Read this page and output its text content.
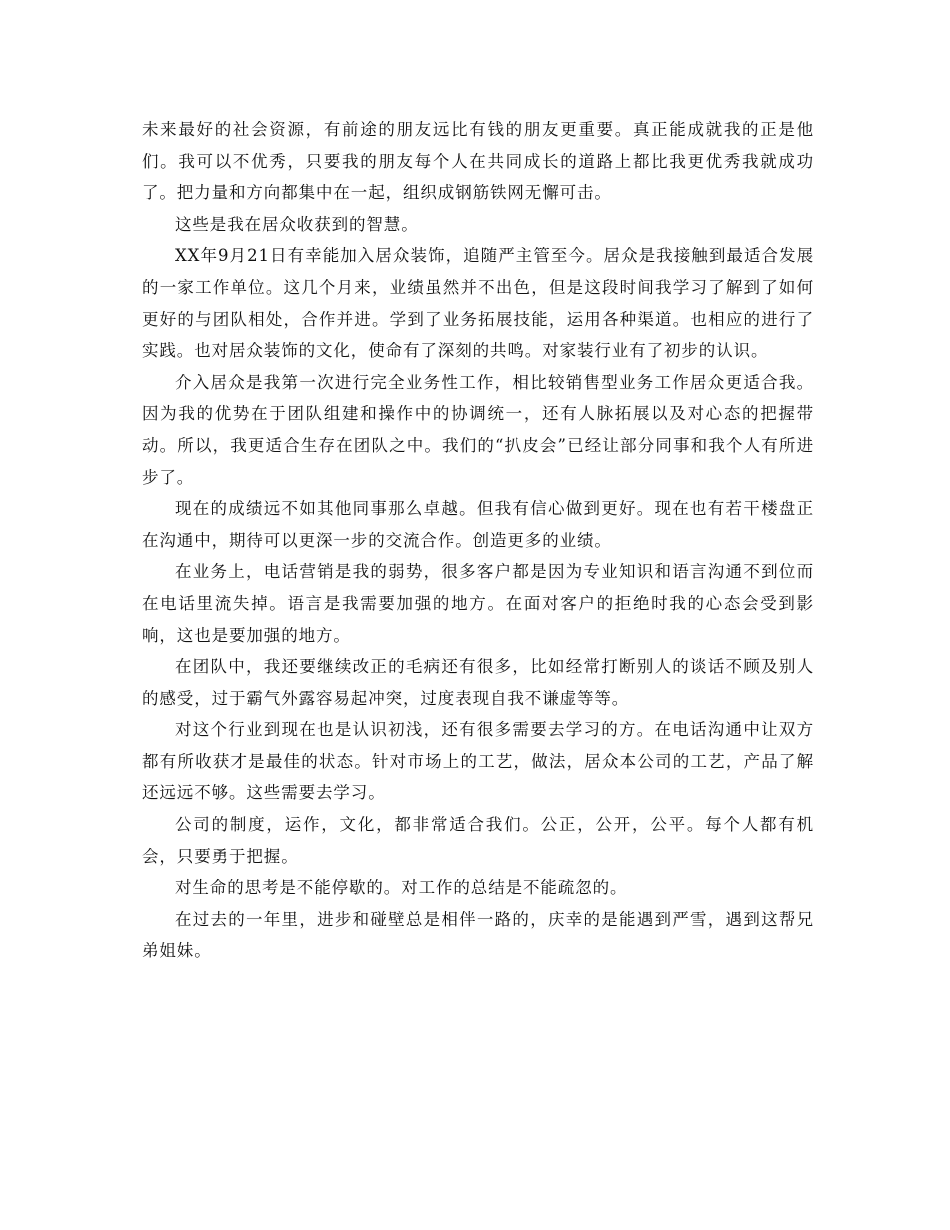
未来最好的社会资源，有前途的朋友远比有钱的朋友更重要。真正能成就我的正是他们。我可以不优秀，只要我的朋友每个人在共同成长的道路上都比我更优秀我就成功了。把力量和方向都集中在一起，组织成钢筋铁网无懈可击。

这些是我在居众收获到的智慧。

XX年9月21日有幸能加入居众装饰，追随严主管至今。居众是我接触到最适合发展的一家工作单位。这几个月来，业绩虽然并不出色，但是这段时间我学习了解到了如何更好的与团队相处，合作并进。学到了业务拓展技能，运用各种渠道。也相应的进行了实践。也对居众装饰的文化，使命有了深刻的共鸣。对家装行业有了初步的认识。

介入居众是我第一次进行完全业务性工作，相比较销售型业务工作居众更适合我。因为我的优势在于团队组建和操作中的协调统一，还有人脉拓展以及对心态的把握带动。所以，我更适合生存在团队之中。我们的“扒皮会”已经让部分同事和我个人有所进步了。

现在的成绩远不如其他同事那么卓越。但我有信心做到更好。现在也有若干楼盘正在沟通中，期待可以更深一步的交流合作。创造更多的业绩。

在业务上，电话营销是我的弱势，很多客户都是因为专业知识和语言沟通不到位而在电话里流失掉。语言是我需要加强的地方。在面对客户的拒绝时我的心态会受到影响，这也是要加强的地方。

在团队中，我还要继续改正的毛病还有很多，比如经常打断别人的谈话不顾及别人的感受，过于霸气外露容易起冲突，过度表现自我不谦虚等等。

对这个行业到现在也是认识初浅，还有很多需要去学习的方。在电话沟通中让双方都有所收获才是最佳的状态。针对市场上的工艺，做法，居众本公司的工艺，产品了解还远远不够。这些需要去学习。

公司的制度，运作，文化，都非常适合我们。公正，公开，公平。每个人都有机会，只要勇于把握。

对生命的思考是不能停歇的。对工作的总结是不能疏忽的。

在过去的一年里，进步和碰壁总是相伴一路的，庆幸的是能遇到严雪，遇到这帮兄弟姐妹。
